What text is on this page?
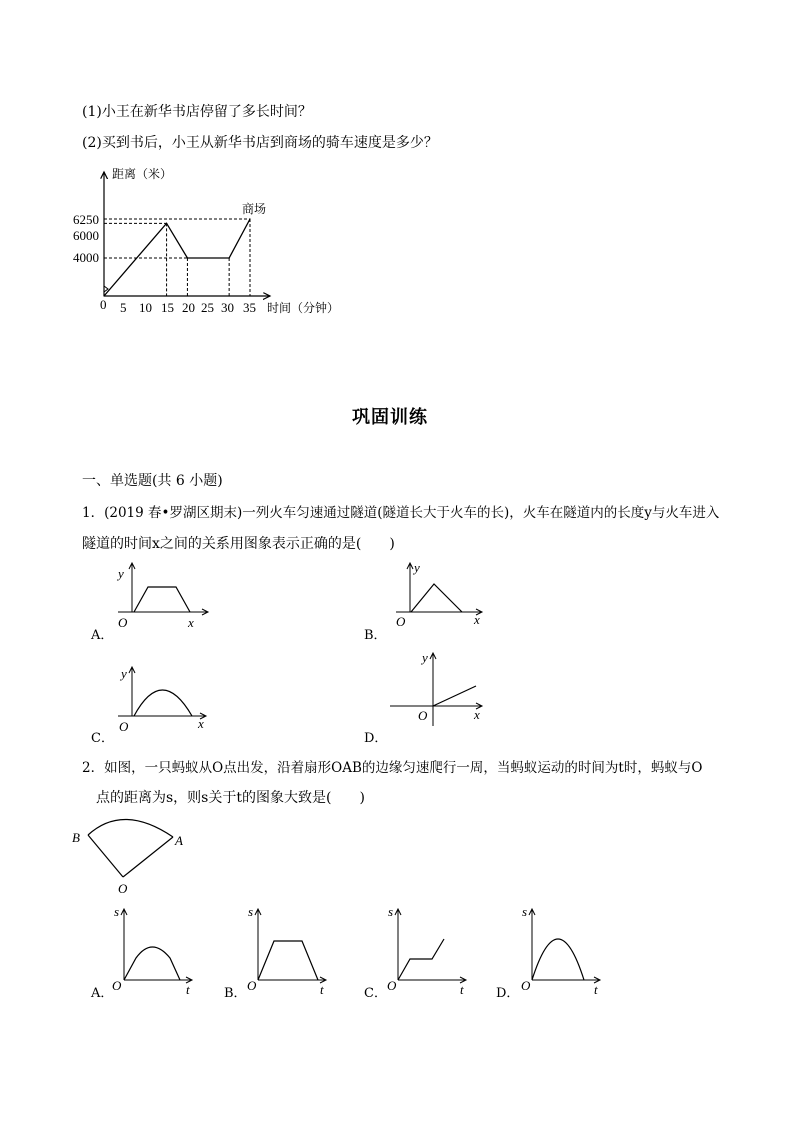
(1)小王在新华书店停留了多长时间？
(2)买到书后，小王从新华书店到商场的骑车速度是多少？
距离（米）
时间（分钟）
商场
6250
6000
4000
0 5 10 15 20 25 30 35
巩固训练
一、单选题(共 6 小题)
1．(2019 春•罗湖区期末)一列火车匀速通过隧道(隧道长大于火车的长)，火车在隧道内的长度y与火车进入
隧道的时间x之间的关系用图象表示正确的是(　　)
A．
y
O	x
B．
y
O	x
C．
y
O	x
D．
y
O	x
2．如图，一只蚂蚁从O点出发，沿着扇形OAB的边缘匀速爬行一周，当蚂蚁运动的时间为t时，蚂蚁与O
点的距离为s，则s关于t的图象大致是(　　)
B	A
O
A．
s
O	t	B．
s
O	t	C．
s
O	t D．
s
O	t
